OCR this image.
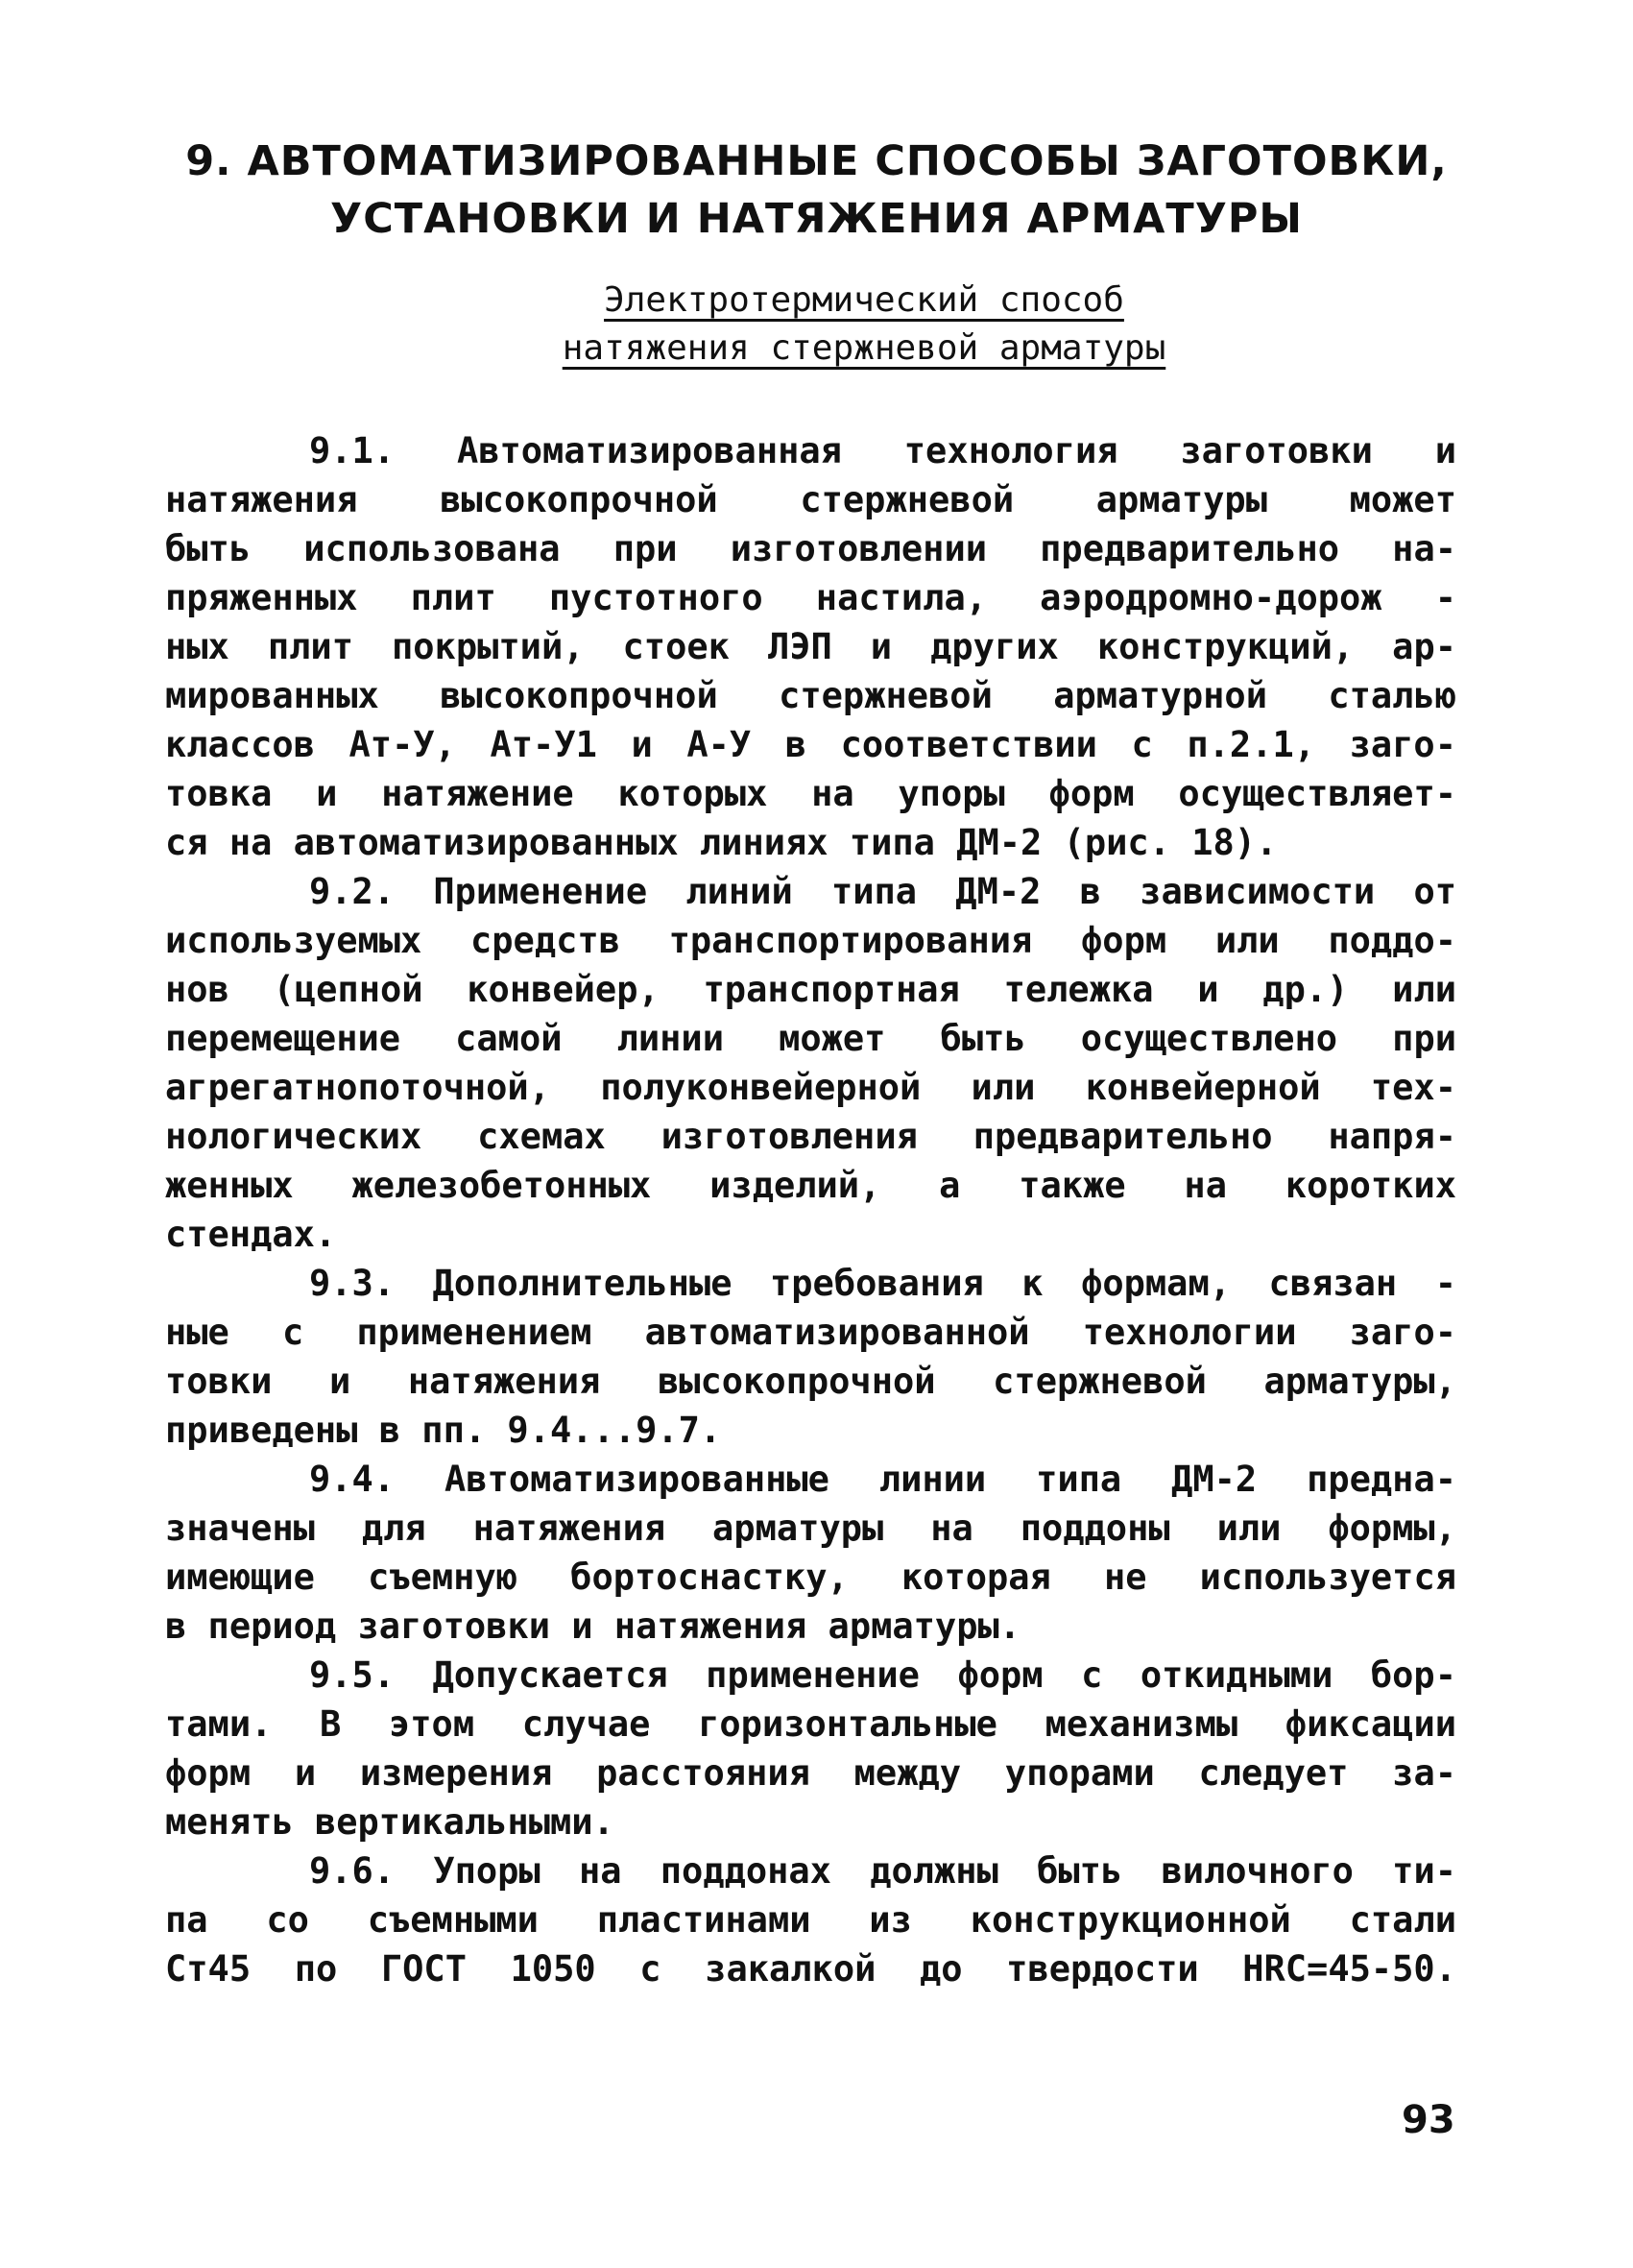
9. АВТОМАТИЗИРОВАННЫЕ СПОСОБЫ ЗАГОТОВКИ,
УСТАНОВКИ И НАТЯЖЕНИЯ АРМАТУРЫ
Электротермический способ
натяжения стержневой арматуры
9.1. Автоматизированная технология заготовки и
натяжения высокопрочной стержневой арматуры может
быть использована при изготовлении предварительно на-
пряженных плит пустотного настила, аэродромно-дорож -
ных плит покрытий, стоек ЛЭП и других конструкций, ар-
мированных высокопрочной стержневой арматурной сталью
классов Ат-У, Ат-У1 и А-У в соответствии с п.2.1, заго-
товка и натяжение которых на упоры форм осуществляет-
ся на автоматизированных линиях типа ДМ-2 (рис. 18).
9.2. Применение линий типа ДМ-2 в зависимости от
используемых средств транспортирования форм или поддо-
нов (цепной конвейер, транспортная тележка и др.) или
перемещение самой линии может быть осуществлено при
агрегатнопоточной, полуконвейерной или конвейерной тех-
нологических схемах изготовления предварительно напря-
женных железобетонных изделий, а также на коротких
стендах.
9.3. Дополнительные требования к формам, связан -
ные с применением автоматизированной технологии заго-
товки и натяжения высокопрочной стержневой арматуры,
приведены в пп. 9.4...9.7.
9.4. Автоматизированные линии типа ДМ-2 предна-
значены для натяжения арматуры на поддоны или формы,
имеющие съемную бортоснастку, которая не используется
в период заготовки и натяжения арматуры.
9.5. Допускается применение форм с откидными бор-
тами. В этом случае горизонтальные механизмы фиксации
форм и измерения расстояния между упорами следует за-
менять вертикальными.
9.6. Упоры на поддонах должны быть вилочного ти-
па со съемными пластинами из конструкционной стали
Ст45 по ГОСТ 1050 с закалкой до твердости HRC=45-50.
93
